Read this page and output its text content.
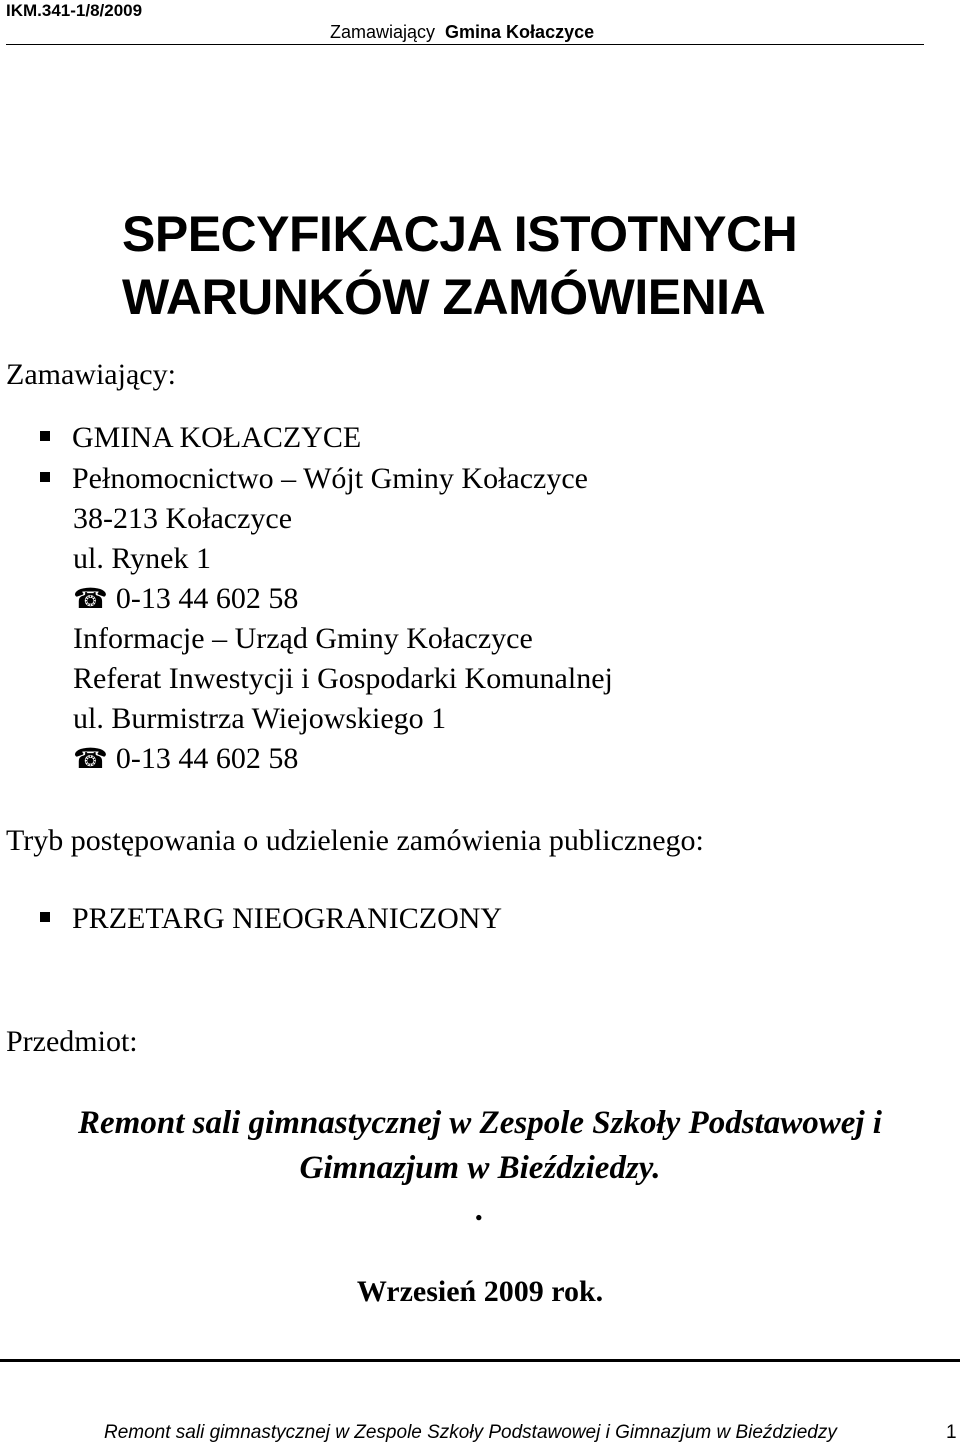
IKM.341-1/8/2009
Zamawiający Gmina Kołaczyce
SPECYFIKACJA ISTOTNYCH
WARUNKÓW ZAMÓWIENIA
Zamawiający:
GMINA KOŁACZYCE
Pełnomocnictwo – Wójt Gminy Kołaczyce
38-213 Kołaczyce
ul. Rynek 1
☎ 0-13 44 602 58
Informacje – Urząd Gminy Kołaczyce
Referat Inwestycji i Gospodarki Komunalnej
ul. Burmistrza Wiejowskiego 1
☎ 0-13 44 602 58
Tryb postępowania o udzielenie zamówienia publicznego:
PRZETARG NIEOGRANICZONY
Przedmiot:
Remont sali gimnastycznej w Zespole Szkoły Podstawowej i
Gimnazjum w Bieździedzy.
.
Wrzesień 2009 rok.
Remont sali gimnastycznej w Zespole Szkoły Podstawowej i Gimnazjum w Bieździedzy	1
